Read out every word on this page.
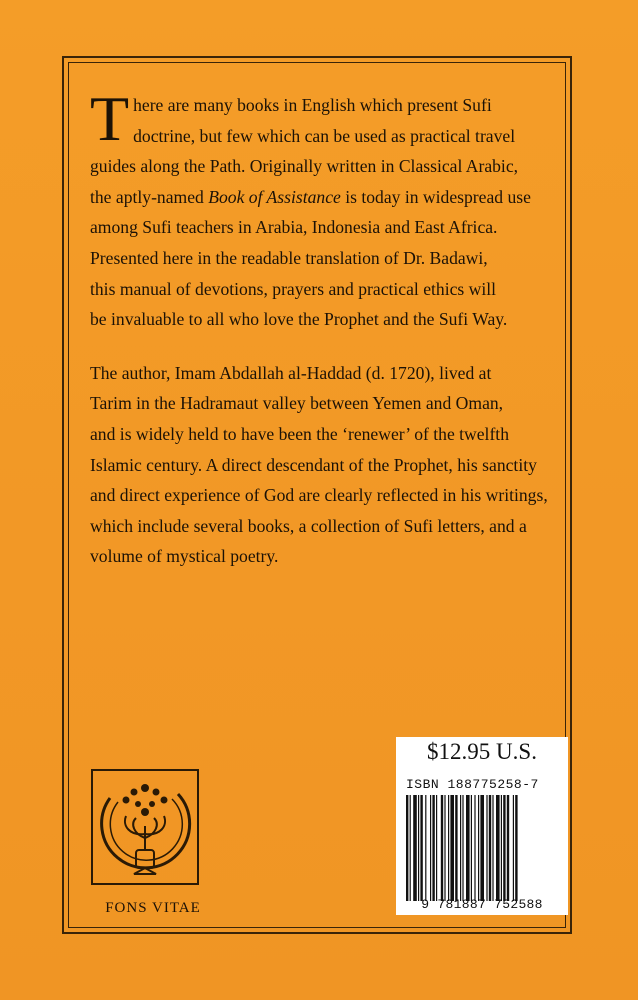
T here are many books in English which present Sufi
doctrine, but few which can be used as practical travel
guides along the Path. Originally written in Classical Arabic,
the aptly-named Book of Assistance is today in widespread use
among Sufi teachers in Arabia, Indonesia and East Africa.
Presented here in the readable translation of Dr. Badawi,
this manual of devotions, prayers and practical ethics will
be invaluable to all who love the Prophet and the Sufi Way.

The author, Imam Abdallah al-Haddad (d. 1720), lived at
Tarim in the Hadramaut valley between Yemen and Oman,
and is widely held to have been the ‘renewer’ of the twelfth
Islamic century. A direct descendant of the Prophet, his sanctity
and direct experience of God are clearly reflected in his writings,
which include several books, a collection of Sufi letters, and a
volume of mystical poetry.

FONS VITAE
$12.95 U.S.
ISBN 188775258-7
9 781887 752588
